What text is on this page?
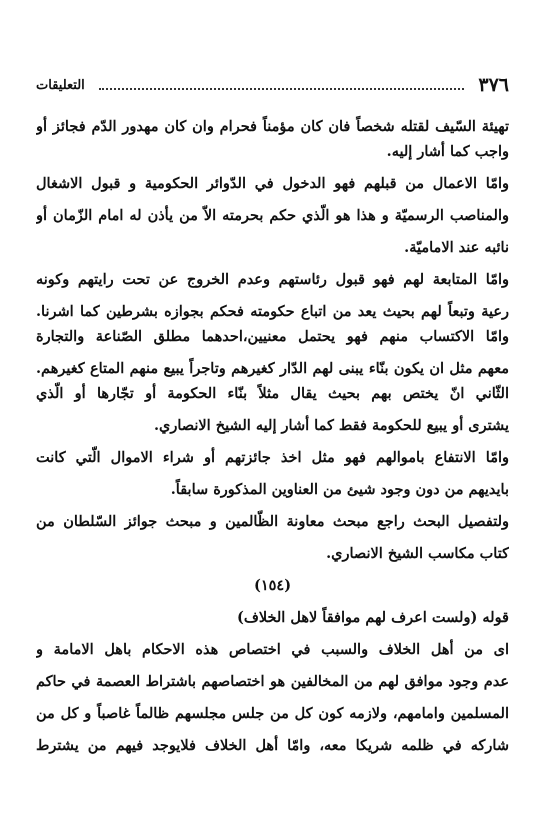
٣٧٦
التعليقات
تهيئة السّيف لقتله شخصاً فان كان مؤمناً فحرام وان كان مهدور الدّم فجائز أو
واجب كما أشار إليه.
وامّا الاعمال من قبلهم فهو الدخول في الدّوائر الحكومية و قبول الاشغال
والمناصب الرسميّة و هذا هو الّذي حكم بحرمته الاّ من يأذن له امام الزّمان أو
نائبه عند الاماميّة.
وامّا المتابعة لهم فهو قبول رئاستهم وعدم الخروج عن تحت رايتهم وكونه
رعية وتبعاً لهم بحيث يعد من اتباع حكومته فحكم بجوازه بشرطين كما اشرنا.
وامّا الاكتساب منهم فهو يحتمل معنيين،احدهما مطلق الصّناعة والتجارة
معهم مثل ان يكون بنّاء يبنى لهم الدّار كغيرهم وتاجراً يبيع منهم المتاع كغيرهم.
الثّاني انّ يختص بهم بحيث يقال مثلاً بنّاء الحكومة أو تجّارها أو الّذي
يشترى أو يبيع للحكومة فقط كما أشار إليه الشيخ الانصاري.
وامّا الانتفاع باموالهم فهو مثل اخذ جائزتهم أو شراء الاموال الّتي كانت
بايديهم من دون وجود شيئ من العناوين المذكورة سابقاً.
ولتفصيل البحث راجع مبحث معاونة الظّالمين و مبحث جوائز السّلطان من
كتاب مكاسب الشيخ الانصاري.
(١٥٤)
قوله (ولست اعرف لهم موافقاً لاهل الخلاف)
اى من أهل الخلاف والسبب في اختصاص هذه الاحكام باهل الامامة و
عدم وجود موافق لهم من المخالفين هو اختصاصهم باشتراط العصمة في حاكم
المسلمين وامامهم، ولازمه كون كل من جلس مجلسهم ظالماً غاصباً و كل من
شاركه في ظلمه شريكا معه، وامّا أهل الخلاف فلايوجد فيهم من يشترط
